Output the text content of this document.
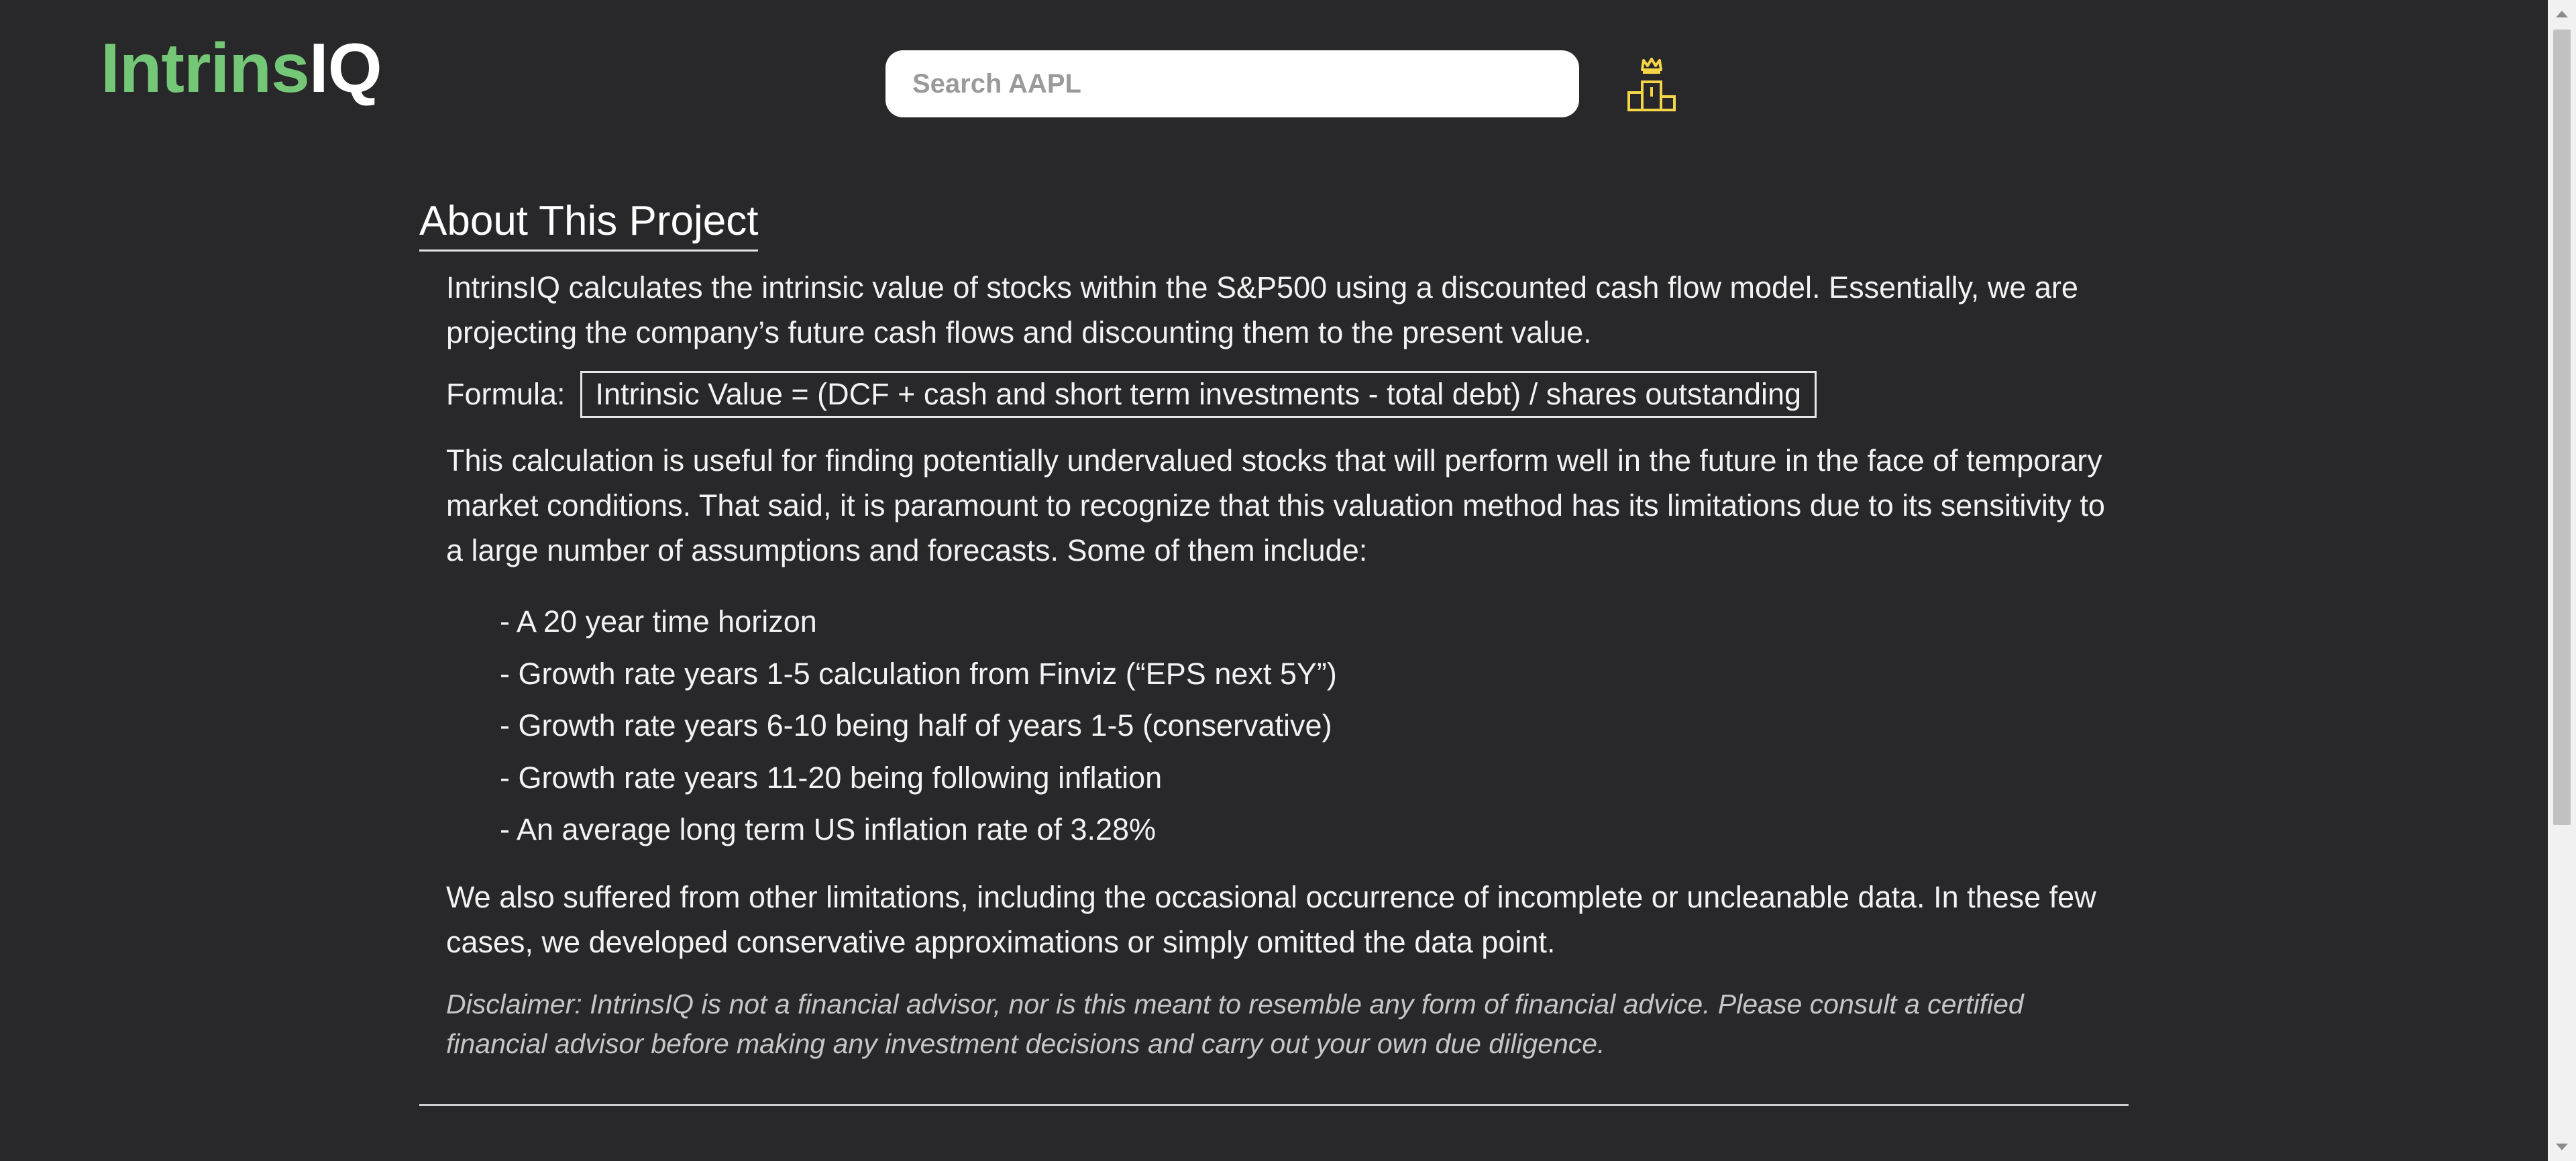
IntrinsIQ
Search AAPL
About This Project

IntrinsIQ calculates the intrinsic value of stocks within the S&P500 using a discounted cash flow model. Essentially, we are projecting the company’s future cash flows and discounting them to the present value.

Formula:	Intrinsic Value = (DCF + cash and short term investments - total debt) / shares outstanding

This calculation is useful for finding potentially undervalued stocks that will perform well in the future in the face of temporary market conditions. That said, it is paramount to recognize that this valuation method has its limitations due to its sensitivity to a large number of assumptions and forecasts. Some of them include:

- A 20 year time horizon
- Growth rate years 1-5 calculation from Finviz (“EPS next 5Y”)
- Growth rate years 6-10 being half of years 1-5 (conservative)
- Growth rate years 11-20 being following inflation
- An average long term US inflation rate of 3.28%

We also suffered from other limitations, including the occasional occurrence of incomplete or uncleanable data. In these few cases, we developed conservative approximations or simply omitted the data point.

Disclaimer: IntrinsIQ is not a financial advisor, nor is this meant to resemble any form of financial advice. Please consult a certified financial advisor before making any investment decisions and carry out your own due diligence.
